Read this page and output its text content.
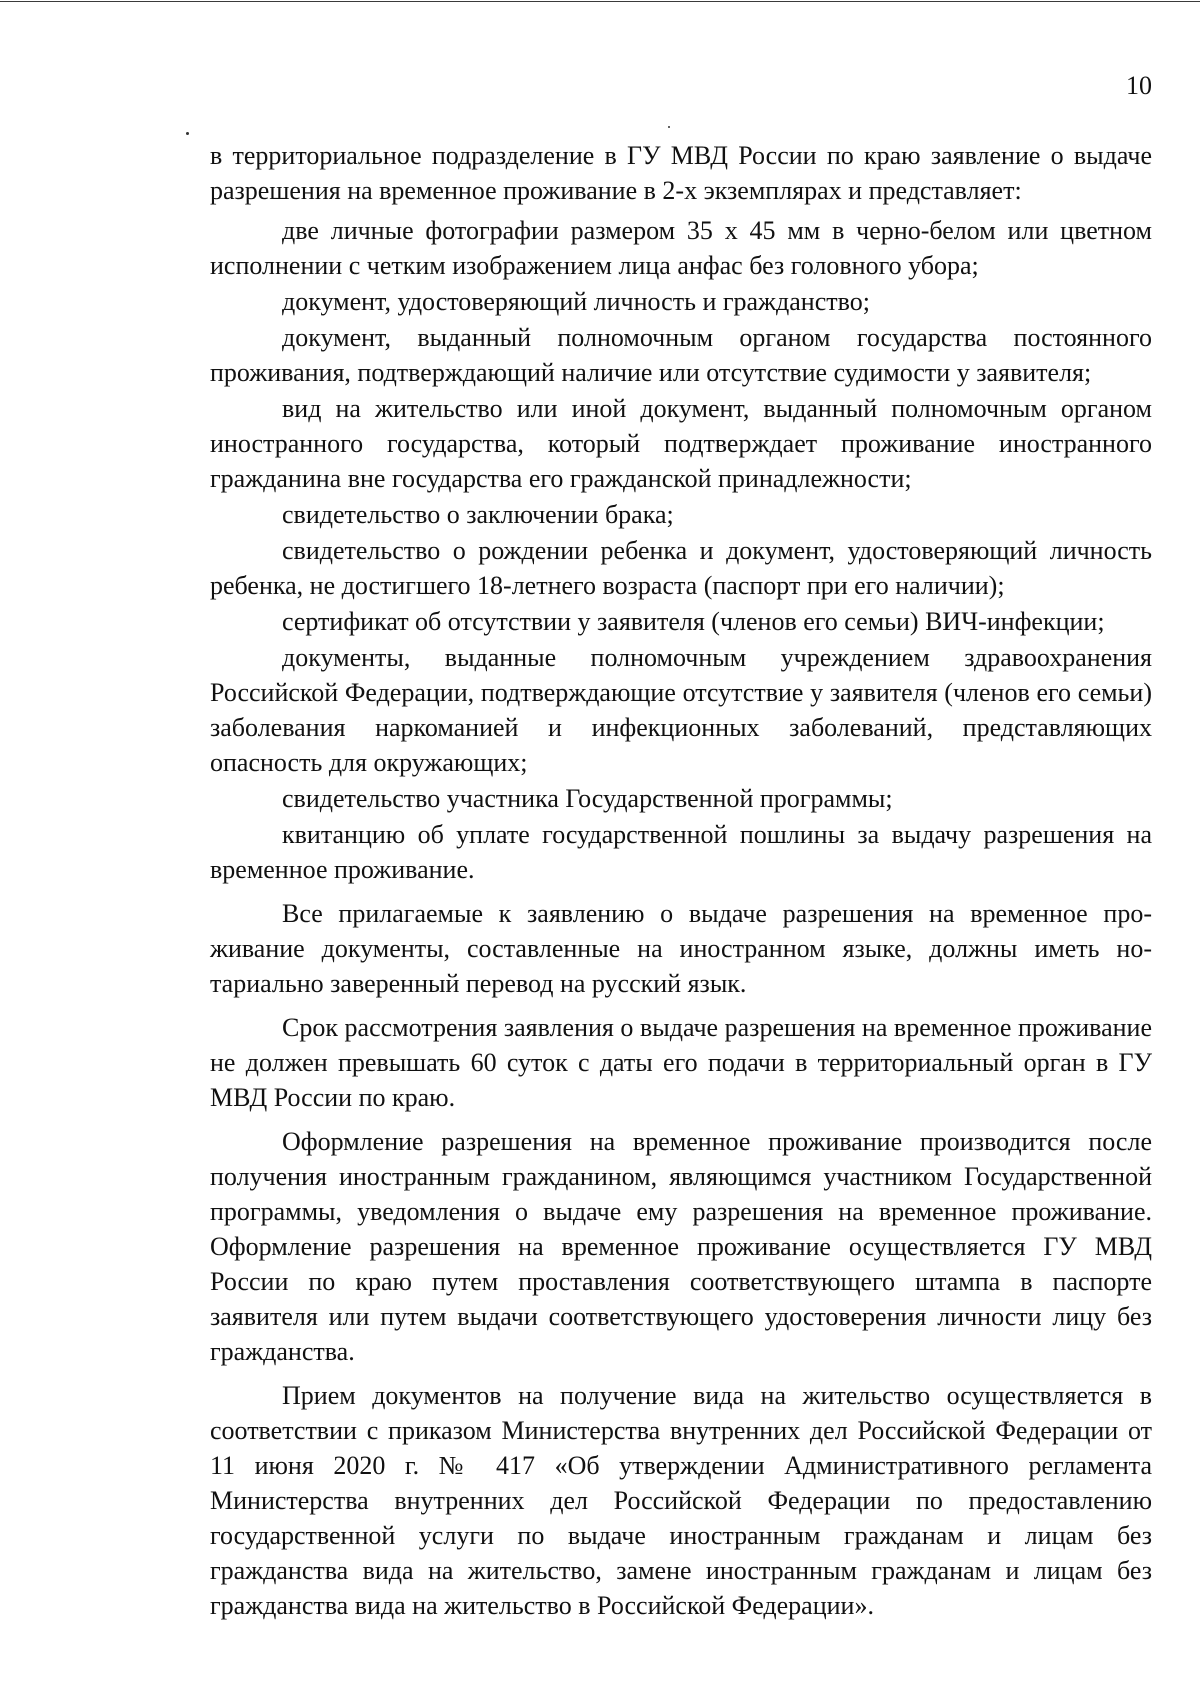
10

в территориальное подразделение в ГУ МВД России по краю заявление о выдаче разрешения на временное проживание в 2-х экземплярах и представляет:

две личные фотографии размером 35 х 45 мм в черно-белом или цветном исполнении с четким изображением лица анфас без головного убора;

документ, удостоверяющий личность и гражданство;

документ, выданный полномочным органом государства постоянного проживания, подтверждающий наличие или отсутствие судимости у заявителя;

вид на жительство или иной документ, выданный полномочным органом иностранного государства, который подтверждает проживание иностранного гражданина вне государства его гражданской принадлежности;

свидетельство о заключении брака;

свидетельство о рождении ребенка и документ, удостоверяющий личность ребенка, не достигшего 18-летнего возраста (паспорт при его наличии);

сертификат об отсутствии у заявителя (членов его семьи) ВИЧ-инфекции;

документы, выданные полномочным учреждением здравоохранения Российской Федерации, подтверждающие отсутствие у заявителя (членов его семьи) заболевания наркоманией и инфекционных заболеваний, представляющих опасность для окружающих;

свидетельство участника Государственной программы;

квитанцию об уплате государственной пошлины за выдачу разрешения на временное проживание.

Все прилагаемые к заявлению о выдаче разрешения на временное проживание документы, составленные на иностранном языке, должны иметь нотариально заверенный перевод на русский язык.

Срок рассмотрения заявления о выдаче разрешения на временное проживание не должен превышать 60 суток с даты его подачи в территориальный орган в ГУ МВД России по краю.

Оформление разрешения на временное проживание производится после получения иностранным гражданином, являющимся участником Государственной программы, уведомления о выдаче ему разрешения на временное проживание. Оформление разрешения на временное проживание осуществляется ГУ МВД России по краю путем проставления соответствующего штампа в паспорте заявителя или путем выдачи соответствующего удостоверения личности лицу без гражданства.

Прием документов на получение вида на жительство осуществляется в соответствии с приказом Министерства внутренних дел Российской Федерации от 11 июня 2020 г. № 417 «Об утверждении Административного регламента Министерства внутренних дел Российской Федерации по предоставлению государственной услуги по выдаче иностранным гражданам и лицам без гражданства вида на жительство, замене иностранным гражданам и лицам без гражданства вида на жительство в Российской Федерации».
